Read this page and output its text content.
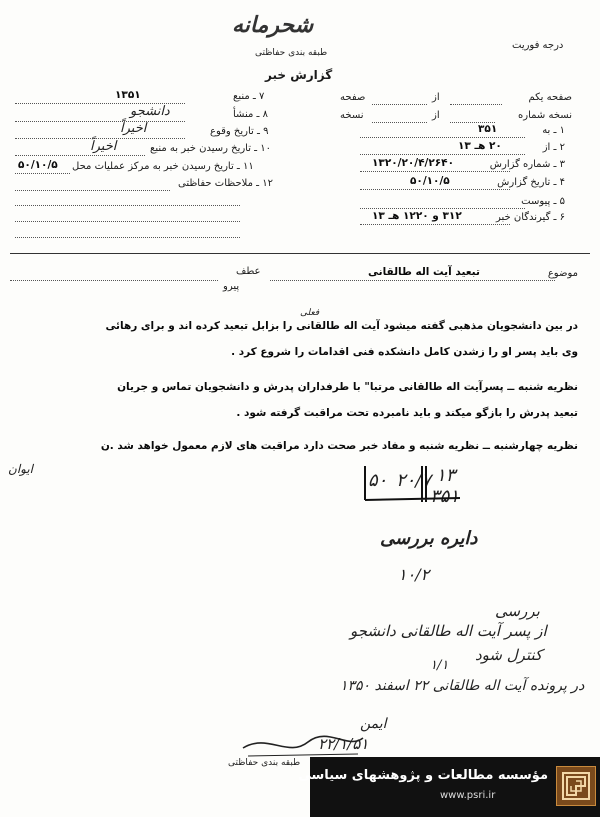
شحرمانه
طبقه بندی حفاظتی
گزارش خبر
درجه فوریت
صفحه یکم
از
صفحه
نسخه شماره
از
نسخه
۱ ـ به
۳۵۱
۲ ـ از
۲۰ هـ ۱۳
۳ ـ شماره گزارش
۱۳۲۰/۲۰/۴/۲۶۴۰
۴ ـ تاریخ گزارش
۵۰/۱۰/۵
۵ ـ پیوست
۶ ـ گیرندگان خبر
۳۱۲ و ۱۲۲۰ هـ ۱۳
۷ ـ منبع
۱۳۵۱
۸ ـ منشأ
دانشجو
۹ ـ تاریخ وقوع
اخیراً
۱۰ ـ تاریخ رسیدن خبر به منبع
اخیراً
۱۱ ـ تاریخ رسیدن خبر به مرکز عملیات محل
۵۰/۱۰/۵
۱۲ ـ ملاحظات حفاظتی
موضوع
تبعید آیت اله طالقانی
عطف
پیرو
فعلی
در بین دانشجویان مذهبی گفته میشود آیت اله طالقانی را بزابل تبعید کرده اند و برای رهائی
وی باید پسر او را زشدن کامل دانشکده فنی اقدامات را شروع کرد .
نظریه شنبه ــ پسرآیت اله طالقانی مرتبا" با طرفداران پدرش و دانشجویان تماس و جریان
تبعید پدرش را بازگو میکند و باید نامبرده تحت مراقبت گرفته شود .
نظریه چهارشنبه ــ نظریه شنبه و مفاد خبر صحت دارد مراقبت های لازم معمول خواهد شد .ن
ایوان	۱۳
۳۵۱
۵۰ ۲۰/۷
دایره بررسی
۱۰/۲
بررسی
از پسر آیت اله طالقانی دانشجو
کنترل شود
۱/۱
در پرونده آیت اله طالقانی ۲۲ اسفند ۱۳۵۰
ایمن
۲۲/۱/۵۱
طبقه بندی حفاظتی
مؤسسه مطالعات و پژوهشهای سیاسی
www.psri.ir
